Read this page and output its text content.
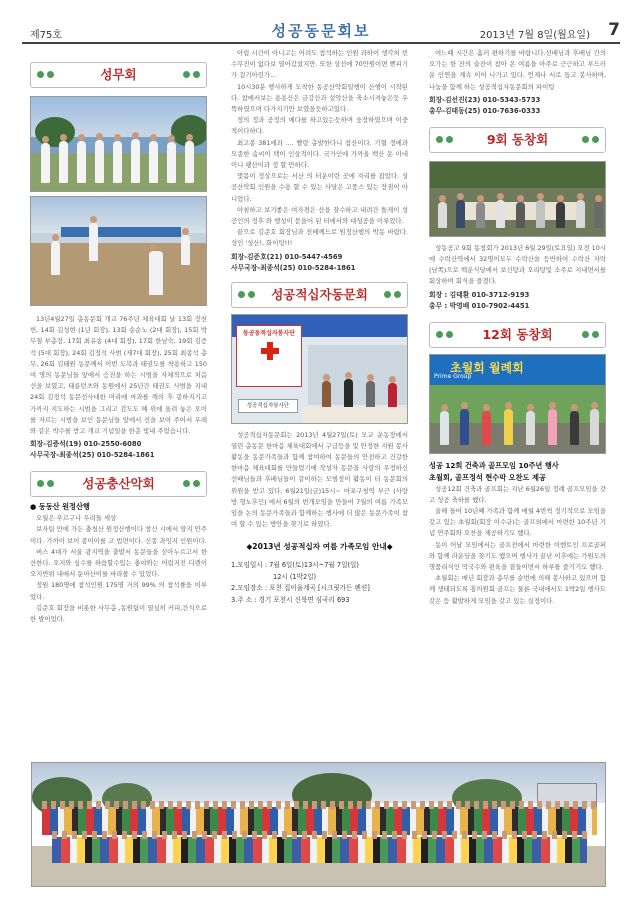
제75호	성공동문회보	2013년 7월 8일(월요일) 7
성무회

13년4월27일 총동문회 개교 76주년 체육대회 날 13회 장천헌, 14회 김성현 (1년 회장), 13회 송순노 (2대 회장), 15회 박무철 부총장, 17회 최유송 (4대 회장), 17회 한남숙, 19회 김증석 (5대 회장), 24회 김정석 사범 (제7대 회장), 25회 최종석 총무, 26회 김태원 동문께서 이번 도복과 태권도를 착용하고 150여 명의 동문님들 앞에서 승진을 하는 시범을 자체적으로 처음 선을 보였고, 태릉턴츠와 동원에서 25년간 태권도 사범을 지내 24회 김정석 동문선사대한 머리에 마과를 깨의 후 봉하지기고 가까지 지도하는 시범을 그리고 감도도 해 위에 올려 놓은 오이를 자르는 시범을 보인 동문님들 앞에서 선을 보여 주어서 우레와 같은 박수를 받고 개교 기념일을 한층 빛내 주었습니다.

회장-김증석(19) 010-2550-6080
사무국장-최종석(25) 010-5284-1861
성공충산악회
● 동동산 원정산행

오월은 푸르구나 우리들 세상

보자팀 만에 가든 충청산 원정산행이다 창신 시에서 양지 안주이다. 가까이 보이 종이이를 고 법면이다. 신종 과잉지 인원이다.

버스 4대가 서울 광지역을 출발서 동문들을 싣아누르고서 한산한다. 오지와 심수를 하읍할수있는 충야와는 어림지진 디렌이 오지반위 내에서 둔아산이를 바라볼 수 있었다.

정원 180명에 참석인원 175명 거의 99% 의 참석률을 이루었다.

김준호 회장을 비롯한 사무총 ,동원팀이 열심히 커피,간식으로 한 발이었다.

아림 시간이 아니고는 어려도 참석하는 인원 과하이 생각처 빈수무진이 없다보 열어갔섰지만. 또한 상선에 70만원이면 뻔피기가 걸기아린가...

10시30분 행사하게 도착한 동공산악회일행이 산행이 시작된다. 참에서보는 용용산은 금강산과 설악산을 축소시켜놓은듯 우뚝하였으며 다가지기만 보였을듯하고있다.

정의 정과 공정의 메다를 하고있는듯하며 웅장하였으며 이중적이다하다.

최고봉 381에과 .... 빨랑 총발한다니 참산이다. 기혈 정에과 모종한 솜씨이 택이 인상적이다. 국가인에 가까울 백산 둔 아네이니 팽산이과 정 할 만하다.

몇몸이 정상으로는 서산 의 터운이란 곳에 자리를 잡았다. 성공산악회 인원을 수용 할 수 있는 사당은 고풍스 있는 장점이 아니었다.

아침하고 보기좋은 여자겸은 산을 잠수하고 내려간 돌게이 성공인의 정후 와 행성이 묻을어 된 터에서와 대성공을 이루었다.

끝으로 김준호 회장님과 전배께드로 원정산행의 박동 바랍다. 성인 '성산!, 화이팅!!!

회장-김준호(21) 010-5447-4569
사무국장-최종석(25) 010-5284-1861
성공적십자동문회
동공동적십자봉사단
성공적십자봉사단

성공적십자동문회는 2013년 4월27일(토) 모교 운동장에서 열린 총동문 한마음 체육대회에서 구급등을 및 안정한 지원 봉사활동을 동문가족들과 함께 참여하여 동문들의 안전하고 건강한 한마음 체육대회를 만들었기에 작성자 동문을 사랑의 우정하신 선배님들과 후배님들이 같이하는 모범정이 활동이 터 동문회의 위원을 받고 있다. 6월21일(금)15시~ 마포구청역 부근 (사랑방 형노후인) 에서 6월의 번개모임을 만들어 7월의 여름 가족모임을 논의 동문가족들과 함께하는 행사에 더 많은 동문가족이 참여 할 수 있는 방안을 찾기로 하였다.

◆2013년 성공적십자 여름 가족모임 안내◆
1.모임일시 : 7월 6일(토)13시~7월 7일(일)
12시 (1박2일)
2.모임장소 : 포천 집이울계곡 [시크릿가든 펜션]
3.주 소 : 경기 포천시 신북면 심곡리 693

여느때 시간은 흘러 편하기를 바랍니다.선배님과 후배님 간의 오가는 한 잔의 술잔이 참아 온 여름을 아주로 근근하고 부드러운 인연을 계속 이어 나가고 있다. 언제나 서로 돕고 봉사하며, 나눔을 함께 하는 성공적십자동문회의 파이팅

회장-김선진(23) 010-5343-5733
총무-김태동(25) 010-7636-0333
9회 동창회

성동공고 9회 동창회가 2013년 6월 29일(토요일) 오전 10시에 수락산역에서 32명이모두 수락산을 등반하여 수락산 자락(남쪽)으로 백운식당에서 보신탕과 오리탕및 소주로 지내면서를 회상하며 회식을 즐겼다.

회장 : 김태환 010-3712-9193
총무 : 박영배 010-7902-4451
12회 동창회
초월회 월례회
Prime Group
성공 12회 건축과 골프모임 10주년 행사
초월회, 골프정석 현수막 오찬도 제공

성공12회 건축과 골프회는 지난 6월26일 정례 골프모임을 갖고 성공 축하를 했다.

올해 들어 10년째 가족과 함께 매월 4번씩 정기적으로 모임을 갖고 있는 초월회(회장 이수규)는 골프외에서 마련한 10주년 기념 연주회와 오찬을 제공하기도 했다.

동이 어날 모임에서는 골프전에서 마련한 이벤트인 프로골퍼와 함께 라운딩을 찾기도 했으며 행사가 끝난 이후에는 가원도의 명품리식인 막국수와 편육을 곁들이면서 하루를 즐기기도 했다.

초월회는 매년 회장과 총무를 순번에 의해 봉사하고 있으며 함께 생태되도록 홍의원회 골프는 물론 국내에서도 1박2일 행사도 갖은 등 활발하게 모임을 갖고 있는 실정이다.
